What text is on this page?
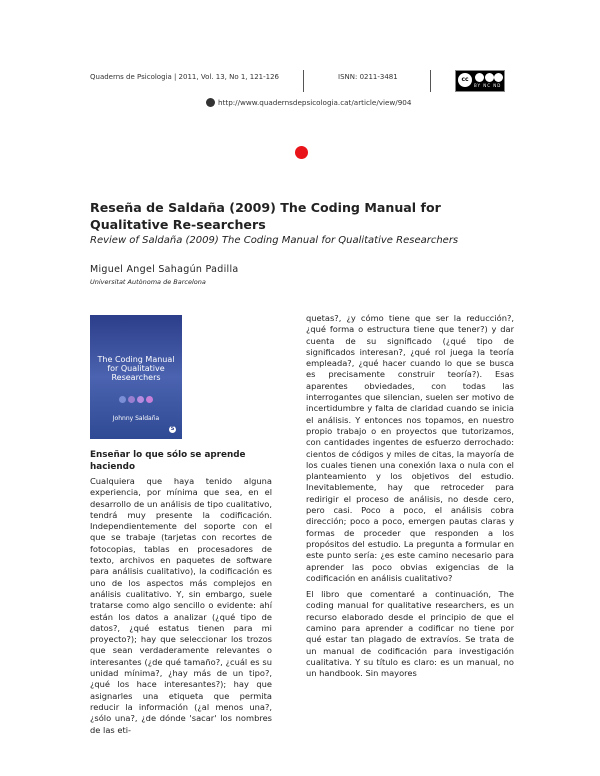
Quaderns de Psicologia | 2011, Vol. 13, No 1, 121-126	ISNN: 0211-3481	cc
BY NC ND
http://www.quadernsdepsicologia.cat/article/view/904
Reseña de Saldaña (2009) The Coding Manual for Qualitative Re-searchers
Review of Saldaña (2009) The Coding Manual for Qualitative Researchers
Miguel Angel Sahagún Padilla
Universitat Autònoma de Barcelona
The Coding Manual for Qualitative Researchers
Johnny Saldaña
S
Enseñar lo que sólo se aprende haciendo

Cualquiera que haya tenido alguna experiencia, por mínima que sea, en el desarrollo de un análisis de tipo cualitativo, tendrá muy presente la codificación. Independientemente del soporte con el que se trabaje (tarjetas con recortes de fotocopias, tablas en procesadores de texto, archivos en paquetes de software para análisis cualitativo), la codificación es uno de los aspectos más complejos en análisis cualitativo. Y, sin embargo, suele tratarse como algo sencillo o evidente: ahí están los datos a analizar (¿qué tipo de datos?, ¿qué estatus tienen para mi proyecto?); hay que seleccionar los trozos que sean verdaderamente relevantes o interesantes (¿de qué tamaño?, ¿cuál es su unidad mínima?, ¿hay más de un tipo?, ¿qué los hace interesantes?); hay que asignarles una etiqueta que permita reducir la información (¿al menos una?, ¿sólo una?, ¿de dónde 'sacar' los nombres de las eti-

quetas?, ¿y cómo tiene que ser la reducción?, ¿qué forma o estructura tiene que tener?) y dar cuenta de su significado (¿qué tipo de significados interesan?, ¿qué rol juega la teoría empleada?, ¿qué hacer cuando lo que se busca es precisamente construir teoría?). Esas aparentes obviedades, con todas las interrogantes que silencian, suelen ser motivo de incertidumbre y falta de claridad cuando se inicia el análisis. Y entonces nos topamos, en nuestro propio trabajo o en proyectos que tutorizamos, con cantidades ingentes de esfuerzo derrochado: cientos de códigos y miles de citas, la mayoría de los cuales tienen una conexión laxa o nula con el planteamiento y los objetivos del estudio. Inevitablemente, hay que retroceder para redirigir el proceso de análisis, no desde cero, pero casi. Poco a poco, el análisis cobra dirección; poco a poco, emergen pautas claras y formas de proceder que responden a los propósitos del estudio. La pregunta a formular en este punto sería: ¿es este camino necesario para aprender las poco obvias exigencias de la codificación en análisis cualitativo?

El libro que comentaré a continuación, The coding manual for qualitative researchers, es un recurso elaborado desde el principio de que el camino para aprender a codificar no tiene por qué estar tan plagado de extravíos. Se trata de un manual de codificación para investigación cualitativa. Y su título es claro: es un manual, no un handbook. Sin mayores
